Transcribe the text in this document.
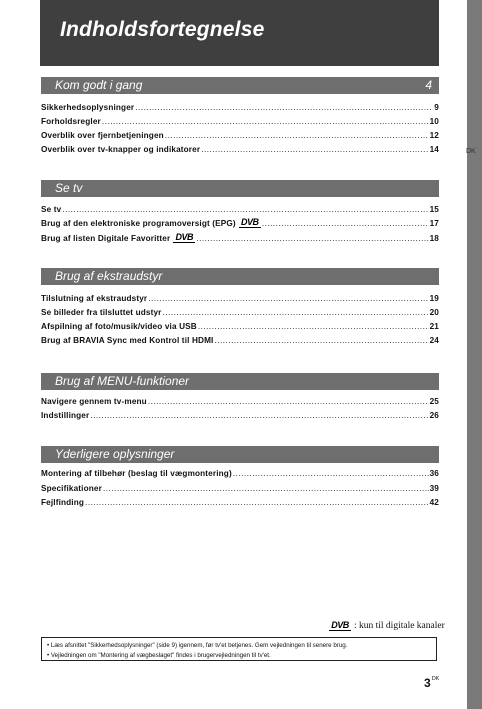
Indholdsfortegnelse
DK
Kom godt i gang	4
Sikkerhedsoplysninger .....	9
Forholdsregler .....	10
Overblik over fjernbetjeningen .....	12
Overblik over tv-knapper og indikatorer .....	14
Se tv
Se tv .....	15
Brug af den elektroniske programoversigt (EPG) DVB .....	17
Brug af listen Digitale Favoritter DVB .....	18
Brug af ekstraudstyr
Tilslutning af ekstraudstyr .....	19
Se billeder fra tilsluttet udstyr .....	20
Afspilning af foto/musik/video via USB .....	21
Brug af BRAVIA Sync med Kontrol til HDMI .....	24
Brug af MENU-funktioner
Navigere gennem tv-menu .....	25
Indstillinger .....	26
Yderligere oplysninger
Montering af tilbehør (beslag til vægmontering) .....	36
Specifikationer .....	39
Fejlfinding .....	42
DVB : kun til digitale kanaler
• Læs afsnittet "Sikkerhedsoplysninger" (side 9) igennem, før tv'et betjenes. Gem vejledningen til senere brug.
• Vejledningen om "Montering af vægbeslaget" findes i brugervejledningen til tv'et.
$3^{DK}$
